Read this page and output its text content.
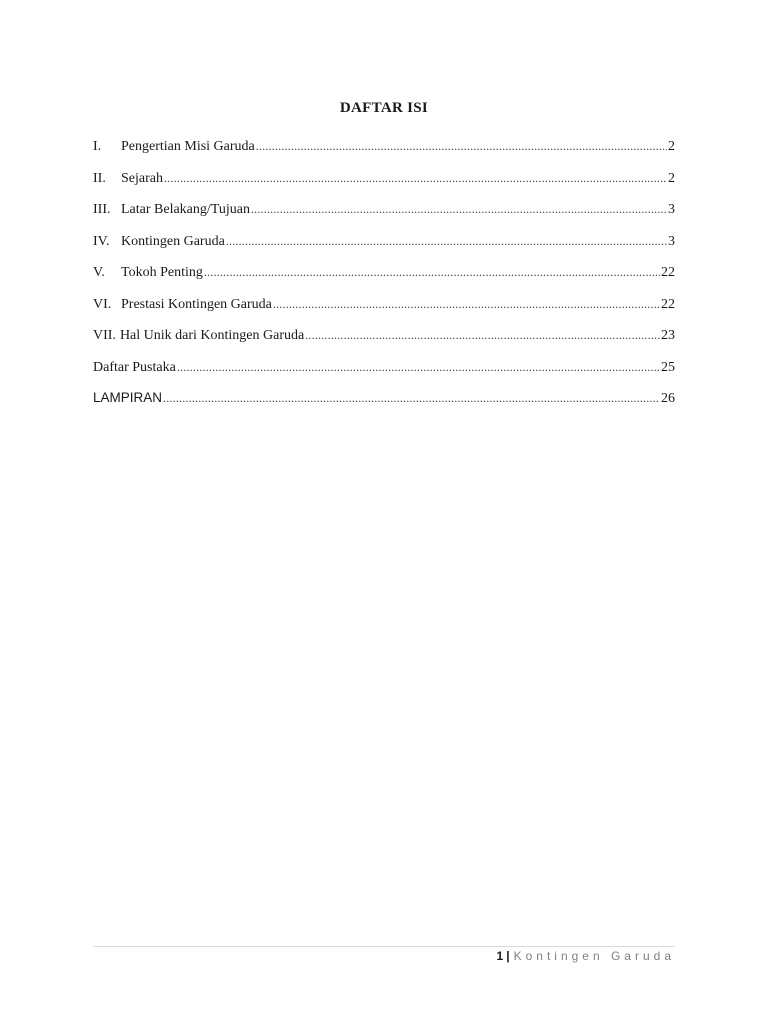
DAFTAR ISI
I.	Pengertian Misi Garuda .....	2
II.	Sejarah .....	2
III. Latar Belakang/Tujuan .....	3
IV. Kontingen Garuda .....	3
V.	Tokoh Penting .....	22
VI. Prestasi Kontingen Garuda .....	22
VII. Hal Unik dari Kontingen Garuda .....	23
Daftar Pustaka .....	25
LAMPIRAN .....	26
1 | Kontingen Garuda
